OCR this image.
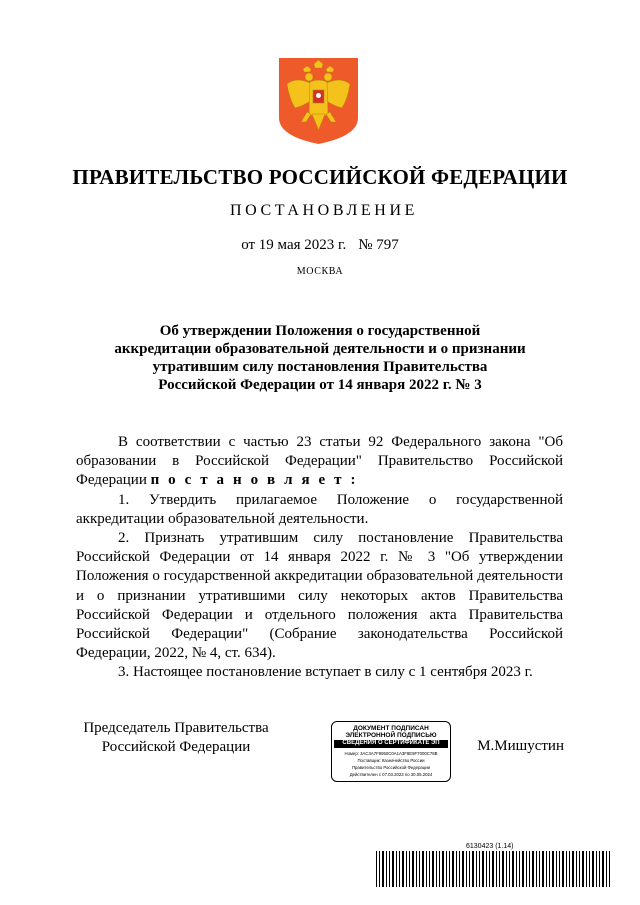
ПРАВИТЕЛЬСТВО РОССИЙСКОЙ ФЕДЕРАЦИИ
ПОСТАНОВЛЕНИЕ
от 19 мая 2023 г. № 797
МОСКВА
Об утверждении Положения о государственной
аккредитации образовательной деятельности и о признании
утратившим силу постановления Правительства
Российской Федерации от 14 января 2022 г. № 3

В соответствии с частью 23 статьи 92 Федерального закона "Об образовании в Российской Федерации" Правительство Российской Федерации п о с т а н о в л я е т :

1. Утвердить прилагаемое Положение о государственной аккредитации образовательной деятельности.

2. Признать утратившим силу постановление Правительства Российской Федерации от 14 января 2022 г. № 3 "Об утверждении Положения о государственной аккредитации образовательной деятельности и о признании утратившими силу некоторых актов Правительства Российской Федерации и отдельного положения акта Правительства Российской Федерации" (Собрание законодательства Российской Федерации, 2022, № 4, ст. 634).

3. Настоящее постановление вступает в силу с 1 сентября 2023 г.

Председатель Правительства
Российской Федерации
ДОКУМЕНТ ПОДПИСАН
ЭЛЕКТРОННОЙ ПОДПИСЬЮ
СВЕДЕНИЯ О СЕРТИФИКАТЕ ЭП
Номер: 3AC3A7F8950C0A1A3F8E9F7000C78B
Поставщик: Казначейство России
Правительство Российской Федерации
Действителен с 07.03.2023 по 30.05.2024
М.Мишустин
6130423 (1.14)
